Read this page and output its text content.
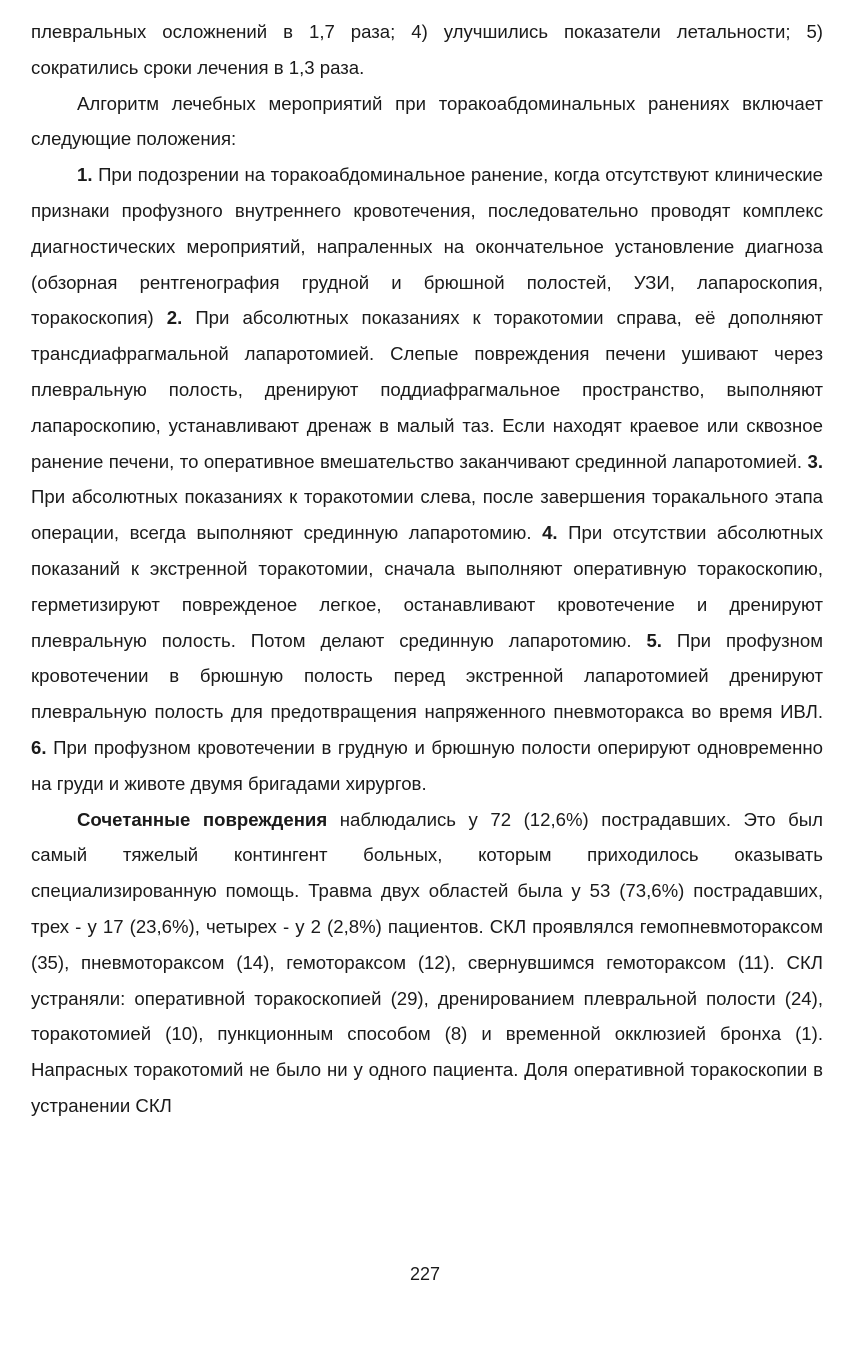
плевральных осложнений в 1,7 раза; 4) улучшились показатели летальности; 5) сократились сроки лечения в 1,3 раза.

Алгоритм лечебных мероприятий при торакоабдоминальных ранениях включает следующие положения:

1. При подозрении на торакоабдоминальное ранение, когда отсутствуют клинические признаки профузного внутреннего кровотечения, последовательно проводят комплекс диагностических мероприятий, напраленных на окончательное установление диагноза (обзорная рентгенография грудной и брюшной полостей, УЗИ, лапароскопия, торакоскопия) 2. При абсолютных показаниях к торакотомии справа, её дополняют трансдиафрагмальной лапаротомией. Слепые повреждения печени ушивают через плевральную полость, дренируют поддиафрагмальное пространство, выполняют лапароскопию, устанавливают дренаж в малый таз. Если находят краевое или сквозное ранение печени, то оперативное вмешательство заканчивают срединной лапаротомией. 3. При абсолютных показаниях к торакотомии слева, после завершения торакального этапа операции, всегда выполняют срединную лапаротомию. 4. При отсутствии абсолютных показаний к экстренной торакотомии, сначала выполняют оперативную торакоскопию, герметизируют поврежденое легкое, останавливают кровотечение и дренируют плевральную полость. Потом делают срединную лапаротомию. 5. При профузном кровотечении в брюшную полость перед экстренной лапаротомией дренируют плевральную полость для предотвращения напряженного пневмоторакса во время ИВЛ. 6. При профузном кровотечении в грудную и брюшную полости оперируют одновременно на груди и животе двумя бригадами хирургов.

Сочетанные повреждения наблюдались у 72 (12,6%) пострадавших. Это был самый тяжелый контингент больных, которым приходилось оказывать специализированную помощь. Травма двух областей была у 53 (73,6%) пострадавших, трех - у 17 (23,6%), четырех - у 2 (2,8%) пациентов. СКЛ проявлялся гемопневмотораксом (35), пневмотораксом (14), гемотораксом (12), свернувшимся гемотораксом (11). СКЛ устраняли: оперативной торакоскопией (29), дренированием плевральной полости (24), торакотомией (10), пункционным способом (8) и временной окклюзией бронха (1). Напрасных торакотомий не было ни у одного пациента. Доля оперативной торакоскопии в устранении СКЛ

227
